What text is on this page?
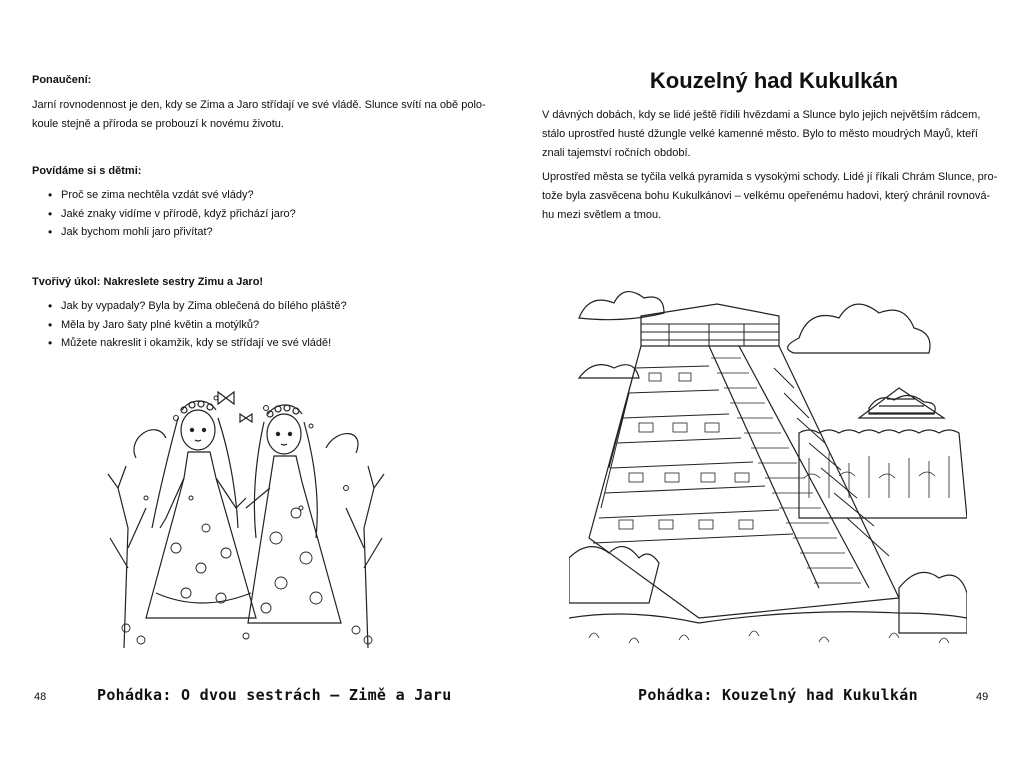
Ponaučení:

Jarní rovnodennost je den, kdy se Zima a Jaro střídají ve své vládě. Slunce svítí na obě polo-

koule stejně a příroda se probouzí k novému životu.

Povídáme si s dětmi:

• Proč se zima nechtěla vzdát své vlády?
• Jaké znaky vidíme v přírodě, když přichází jaro?
• Jak bychom mohli jaro přivítat?

Tvořivý úkol: Nakreslete sestry Zimu a Jaro!

• Jak by vypadaly? Byla by Zima oblečená do bílého pláště?
• Měla by Jaro šaty plné květin a motýlků?
• Můžete nakreslit i okamžik, kdy se střídají ve své vládě!
48	Pohádka: O dvou sestrách – Zimě a Jaru
Kouzelný had Kukulkán

V dávných dobách, kdy se lidé ještě řídili hvězdami a Slunce bylo jejich největším rádcem,

stálo uprostřed husté džungle velké kamenné město. Bylo to město moudrých Mayů, kteří

znali tajemství ročních období.

Uprostřed města se tyčila velká pyramida s vysokými schody. Lidé jí říkali Chrám Slunce, pro-

tože byla zasvěcena bohu Kukulkánovi – velkému opeřenému hadovi, který chránil rovnová-

hu mezi světlem a tmou.

Pohádka: Kouzelný had Kukulkán	49
